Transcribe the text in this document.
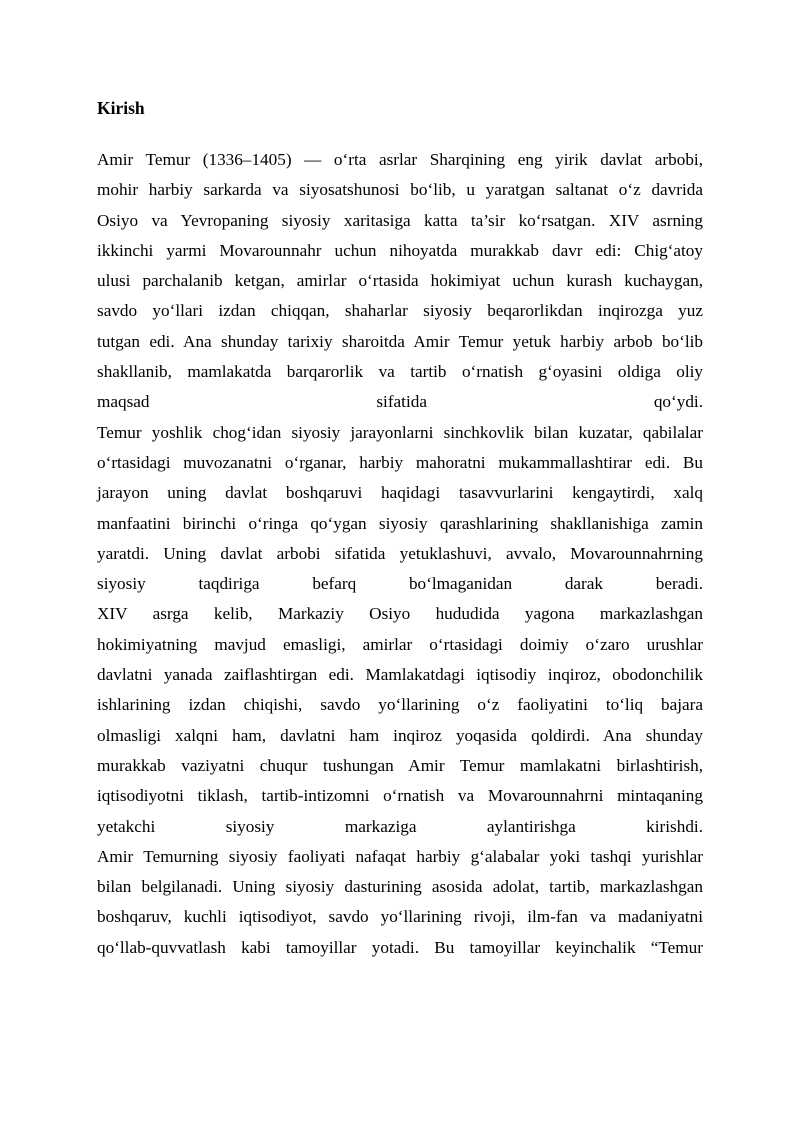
Kirish
Amir Temur (1336–1405) — o‘rta asrlar Sharqining eng yirik davlat arbobi,
mohir harbiy sarkarda va siyosatshunosi bo‘lib, u yaratgan saltanat o‘z davrida
Osiyo va Yevropaning siyosiy xaritasiga katta ta’sir ko‘rsatgan. XIV asrning
ikkinchi yarmi Movarounnahr uchun nihoyatda murakkab davr edi: Chig‘atoy
ulusi parchalanib ketgan, amirlar o‘rtasida hokimiyat uchun kurash kuchaygan,
savdo yo‘llari izdan chiqqan, shaharlar siyosiy beqarorlikdan inqirozga yuz
tutgan edi. Ana shunday tarixiy sharoitda Amir Temur yetuk harbiy arbob bo‘lib
shakllanib, mamlakatda barqarorlik va tartib o‘rnatish g‘oyasini oldiga oliy
maqsad sifatida qo‘ydi.
Temur yoshlik chog‘idan siyosiy jarayonlarni sinchkovlik bilan kuzatar, qabilalar
o‘rtasidagi muvozanatni o‘rganar, harbiy mahoratni mukammallashtirar edi. Bu
jarayon uning davlat boshqaruvi haqidagi tasavvurlarini kengaytirdi, xalq
manfaatini birinchi o‘ringa qo‘ygan siyosiy qarashlarining shakllanishiga zamin
yaratdi. Uning davlat arbobi sifatida yetuklashuvi, avvalo, Movarounnahrning
siyosiy taqdiriga befarq bo‘lmaganidan darak beradi.
XIV asrga kelib, Markaziy Osiyo hududida yagona markazlashgan
hokimiyatning mavjud emasligi, amirlar o‘rtasidagi doimiy o‘zaro urushlar
davlatni yanada zaiflashtirgan edi. Mamlakatdagi iqtisodiy inqiroz, obodonchilik
ishlarining izdan chiqishi, savdo yo‘llarining o‘z faoliyatini to‘liq bajara
olmasligi xalqni ham, davlatni ham inqiroz yoqasida qoldirdi. Ana shunday
murakkab vaziyatni chuqur tushungan Amir Temur mamlakatni birlashtirish,
iqtisodiyotni tiklash, tartib-intizomni o‘rnatish va Movarounnahrni mintaqaning
yetakchi siyosiy markaziga aylantirishga kirishdi.
Amir Temurning siyosiy faoliyati nafaqat harbiy g‘alabalar yoki tashqi yurishlar
bilan belgilanadi. Uning siyosiy dasturining asosida adolat, tartib, markazlashgan
boshqaruv, kuchli iqtisodiyot, savdo yo‘llarining rivoji, ilm-fan va madaniyatni
qo‘llab-quvvatlash kabi tamoyillar yotadi. Bu tamoyillar keyinchalik “Temur
